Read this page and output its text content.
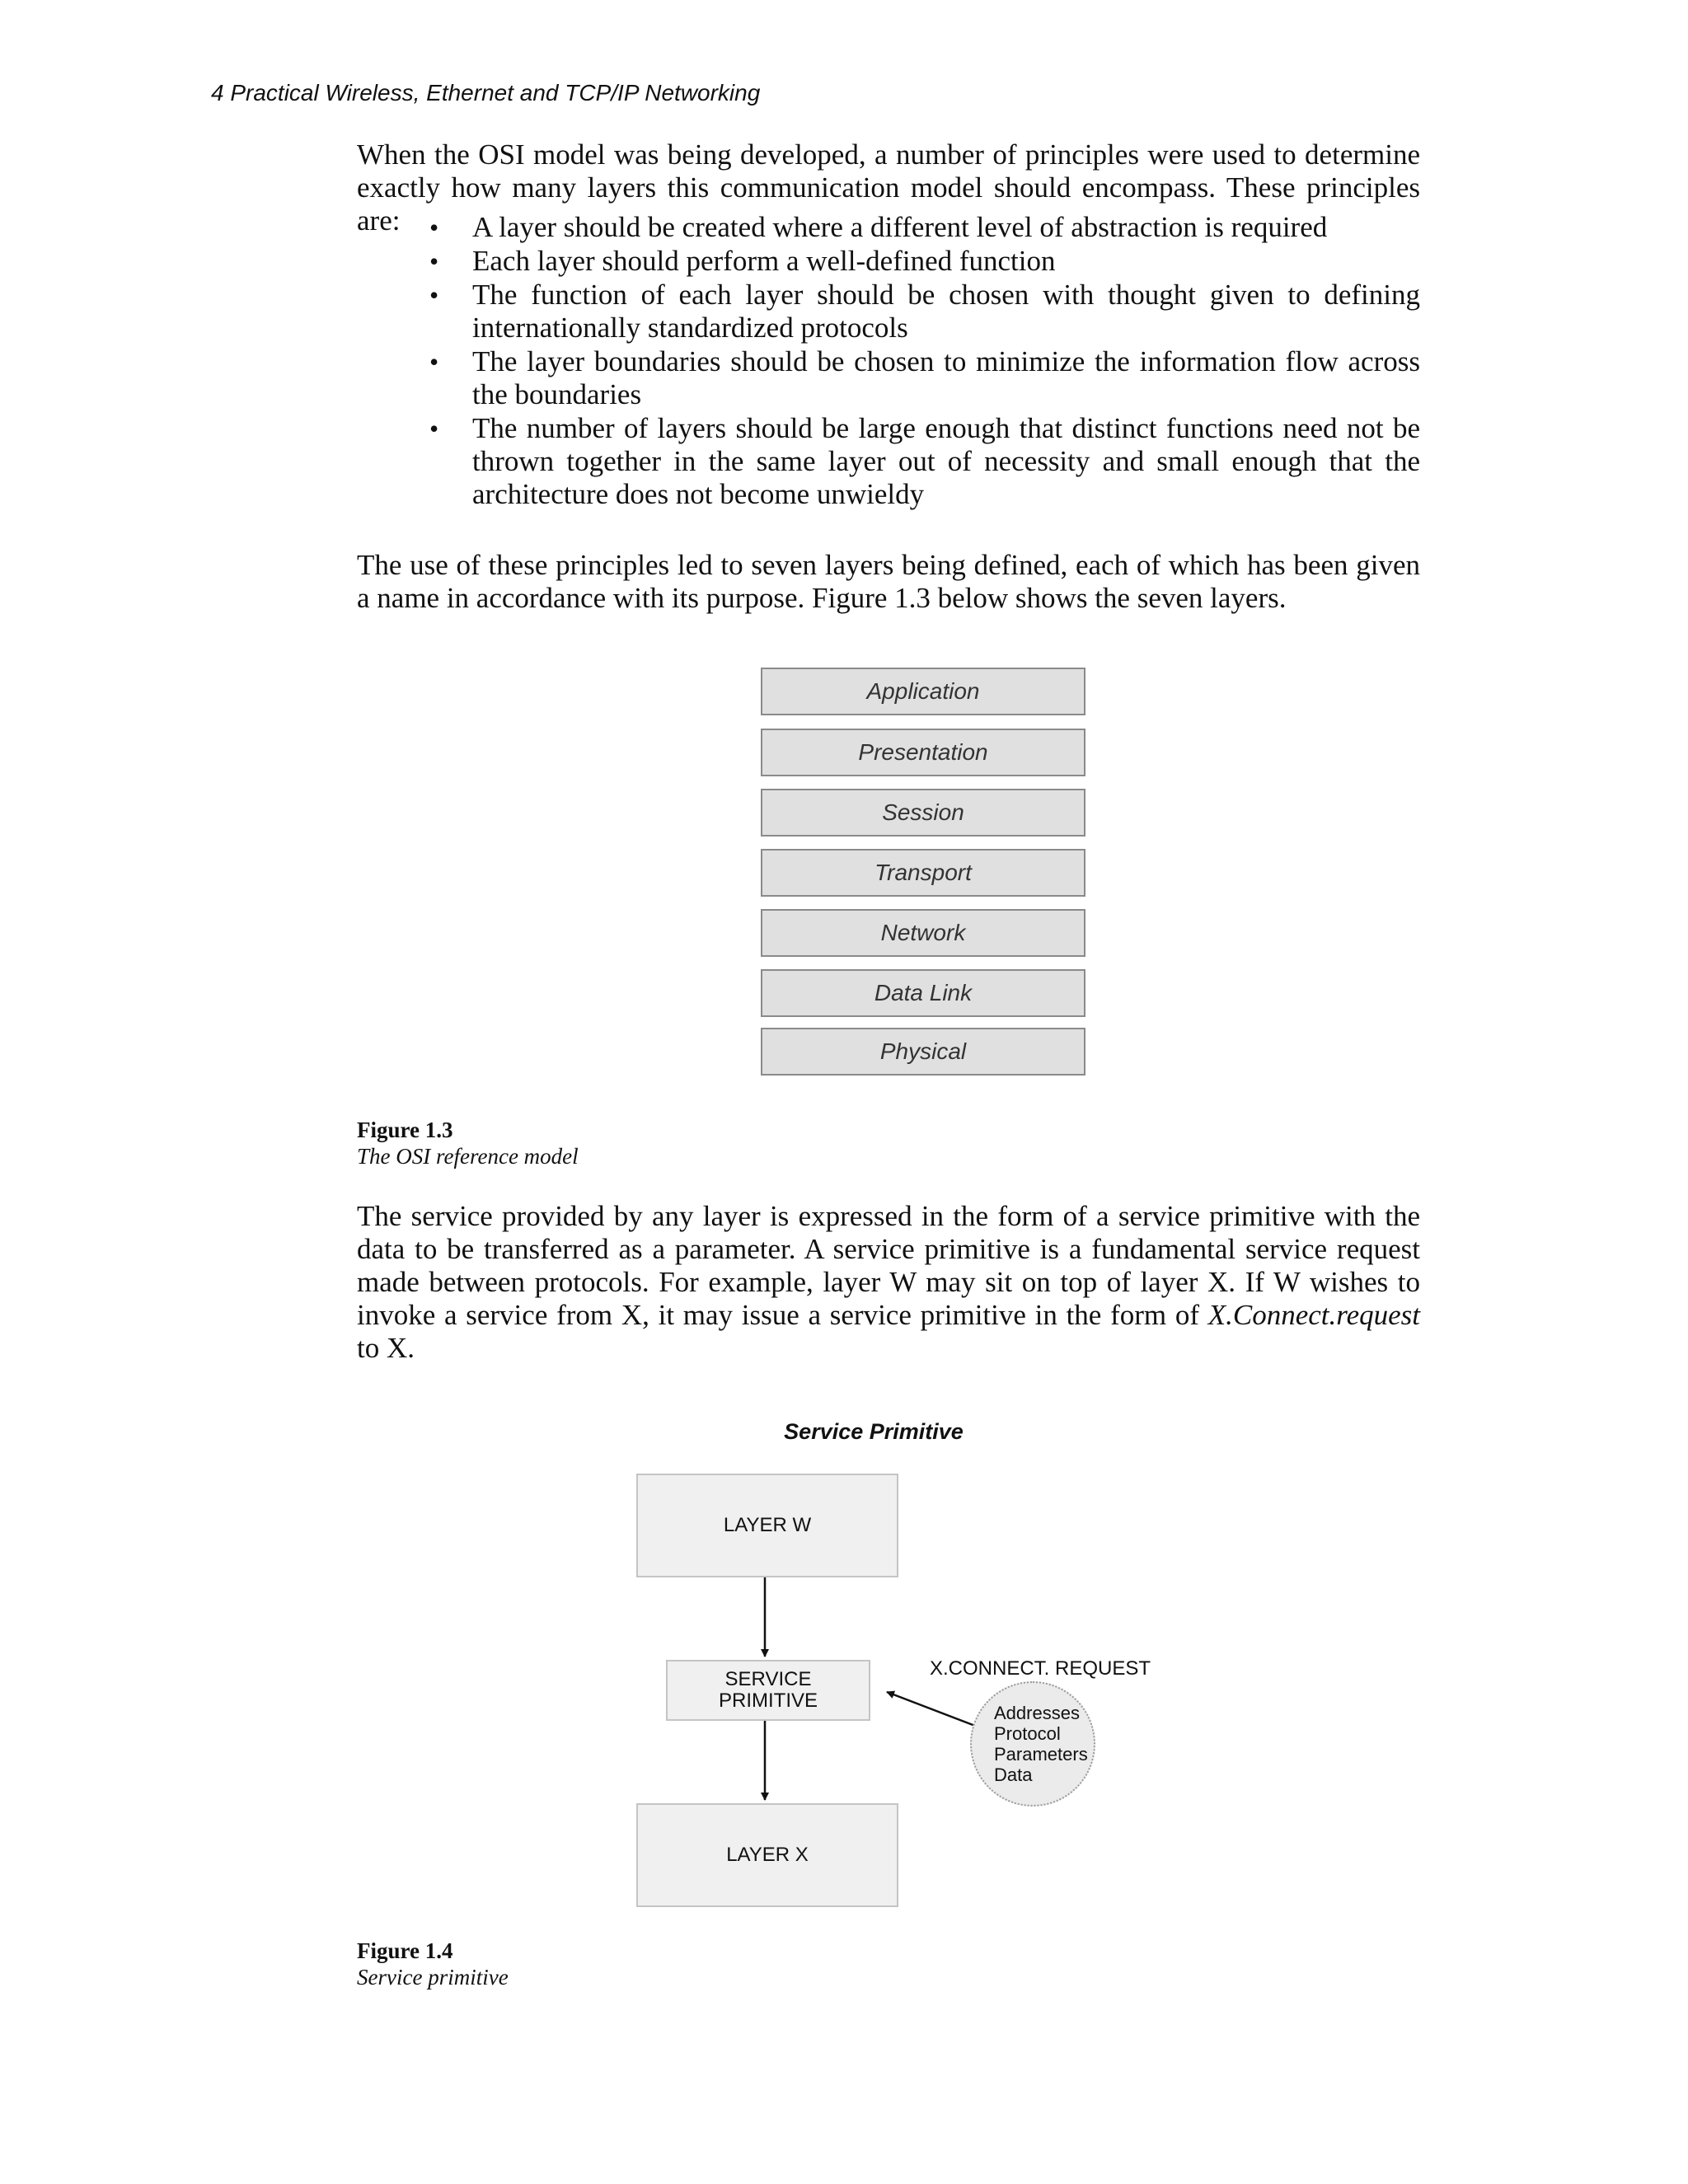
4 Practical Wireless, Ethernet and TCP/IP Networking

When the OSI model was being developed, a number of principles were used to determine

exactly how many layers this communication model should encompass. These principles are:	• A layer should be created where a different level of abstraction is required
• Each layer should perform a well-defined function
• The function of each layer should be chosen with thought given to defining internationally standardized protocols
• The layer boundaries should be chosen to minimize the information flow across the boundaries
• The number of layers should be large enough that distinct functions need not be thrown together in the same layer out of necessity and small enough that the architecture does not become unwieldy

The use of these principles led to seven layers being defined, each of which has been given a name in accordance with its purpose. Figure 1.3 below shows the seven layers.

Application
Presentation
Session
Transport
Network
Data Link
Physical
Figure 1.3
The OSI reference model

The service provided by any layer is expressed in the form of a service primitive with the data to be transferred as a parameter. A service primitive is a fundamental service request made between protocols. For example, layer W may sit on top of layer X. If W wishes to invoke a service from X, it may issue a service primitive in the form of X.Connect.request to X.

Service Primitive
LAYER W
SERVICE
PRIMITIVE
LAYER X
X.CONNECT. REQUEST
Addresses
Protocol
Parameters
Data
Figure 1.4
Service primitive
